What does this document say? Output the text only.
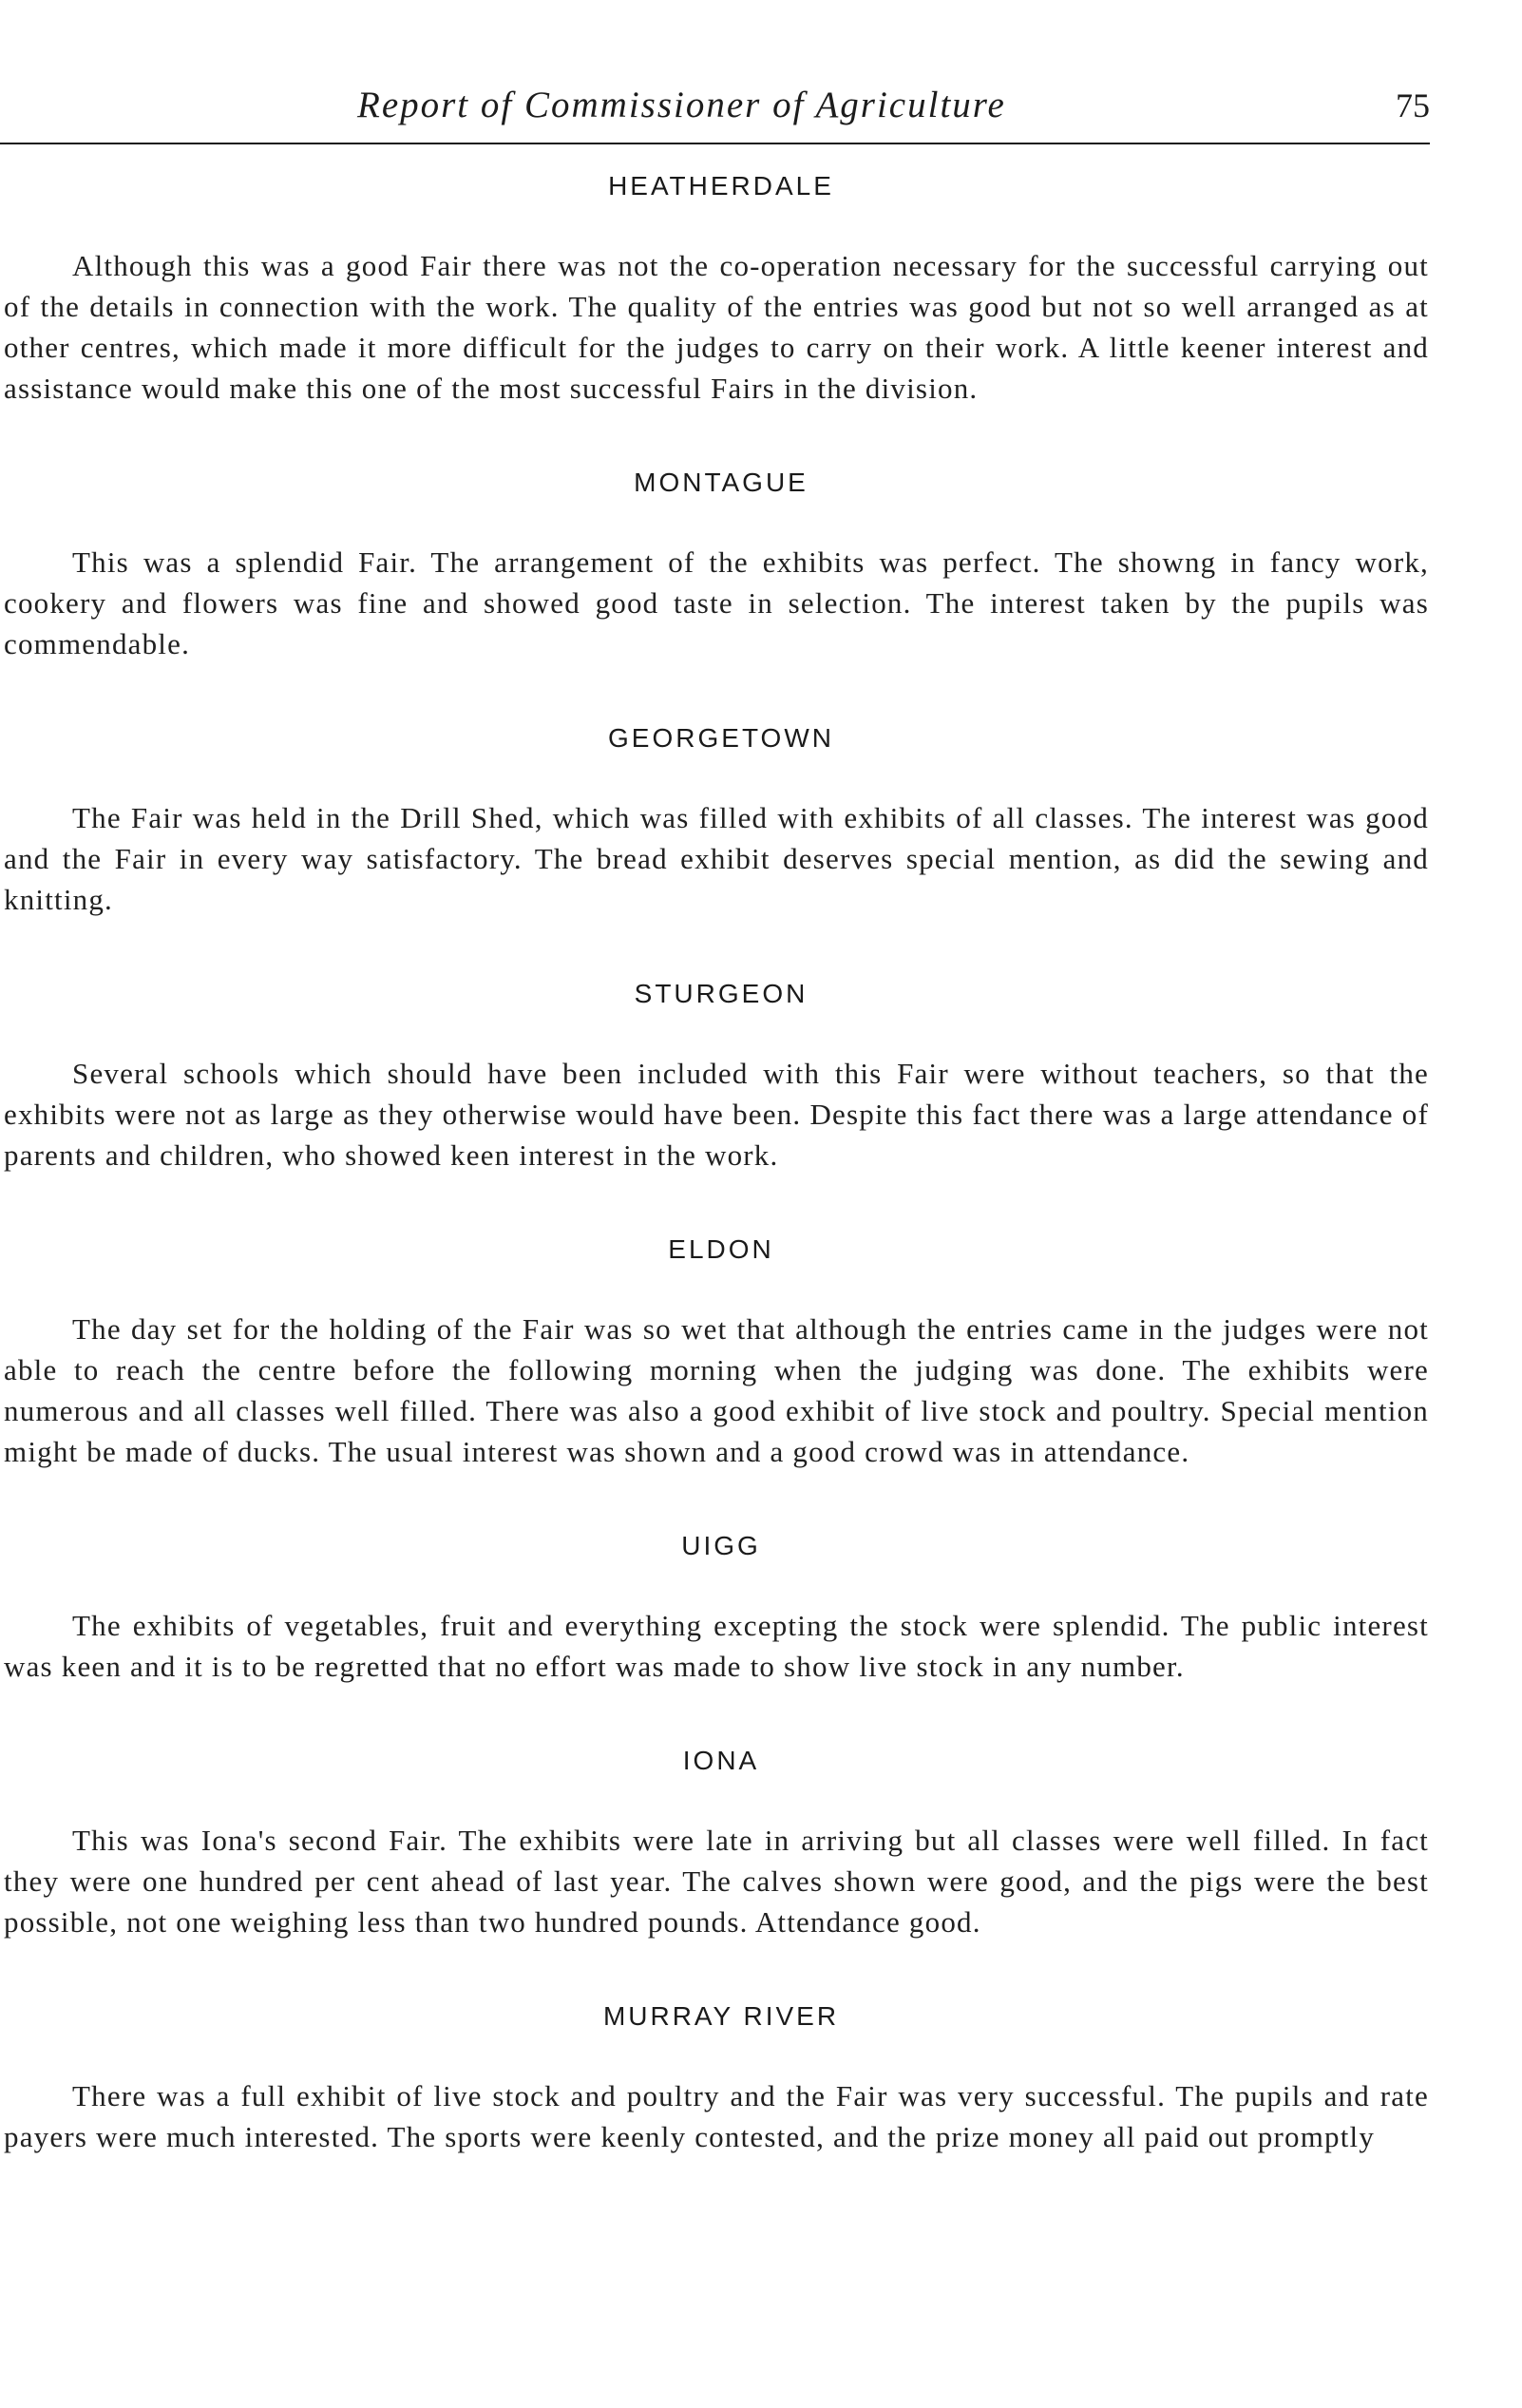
Report of Commissioner of Agriculture	75
HEATHERDALE

Although this was a good Fair there was not the co-operation necessary for the successful carrying out of the details in connection with the work. The quality of the entries was good but not so well arranged as at other centres, which made it more difficult for the judges to carry on their work. A little keener interest and assistance would make this one of the most successful Fairs in the division.

MONTAGUE

This was a splendid Fair. The arrangement of the exhibits was perfect. The showng in fancy work, cookery and flowers was fine and showed good taste in selection. The interest taken by the pupils was commendable.

GEORGETOWN

The Fair was held in the Drill Shed, which was filled with exhibits of all classes. The interest was good and the Fair in every way satisfactory. The bread exhibit deserves special mention, as did the sewing and knitting.

STURGEON

Several schools which should have been included with this Fair were without teachers, so that the exhibits were not as large as they otherwise would have been. Despite this fact there was a large attendance of parents and children, who showed keen interest in the work.

ELDON

The day set for the holding of the Fair was so wet that although the entries came in the judges were not able to reach the centre before the following morning when the judging was done. The exhibits were numerous and all classes well filled. There was also a good exhibit of live stock and poultry. Special mention might be made of ducks. The usual interest was shown and a good crowd was in attendance.

UIGG

The exhibits of vegetables, fruit and everything excepting the stock were splendid. The public interest was keen and it is to be regretted that no effort was made to show live stock in any number.

IONA

This was Iona's second Fair. The exhibits were late in arriving but all classes were well filled. In fact they were one hundred per cent ahead of last year. The calves shown were good, and the pigs were the best possible, not one weighing less than two hundred pounds. Attendance good.

MURRAY RIVER

There was a full exhibit of live stock and poultry and the Fair was very successful. The pupils and rate payers were much interested. The sports were keenly contested, and the prize money all paid out promptly
